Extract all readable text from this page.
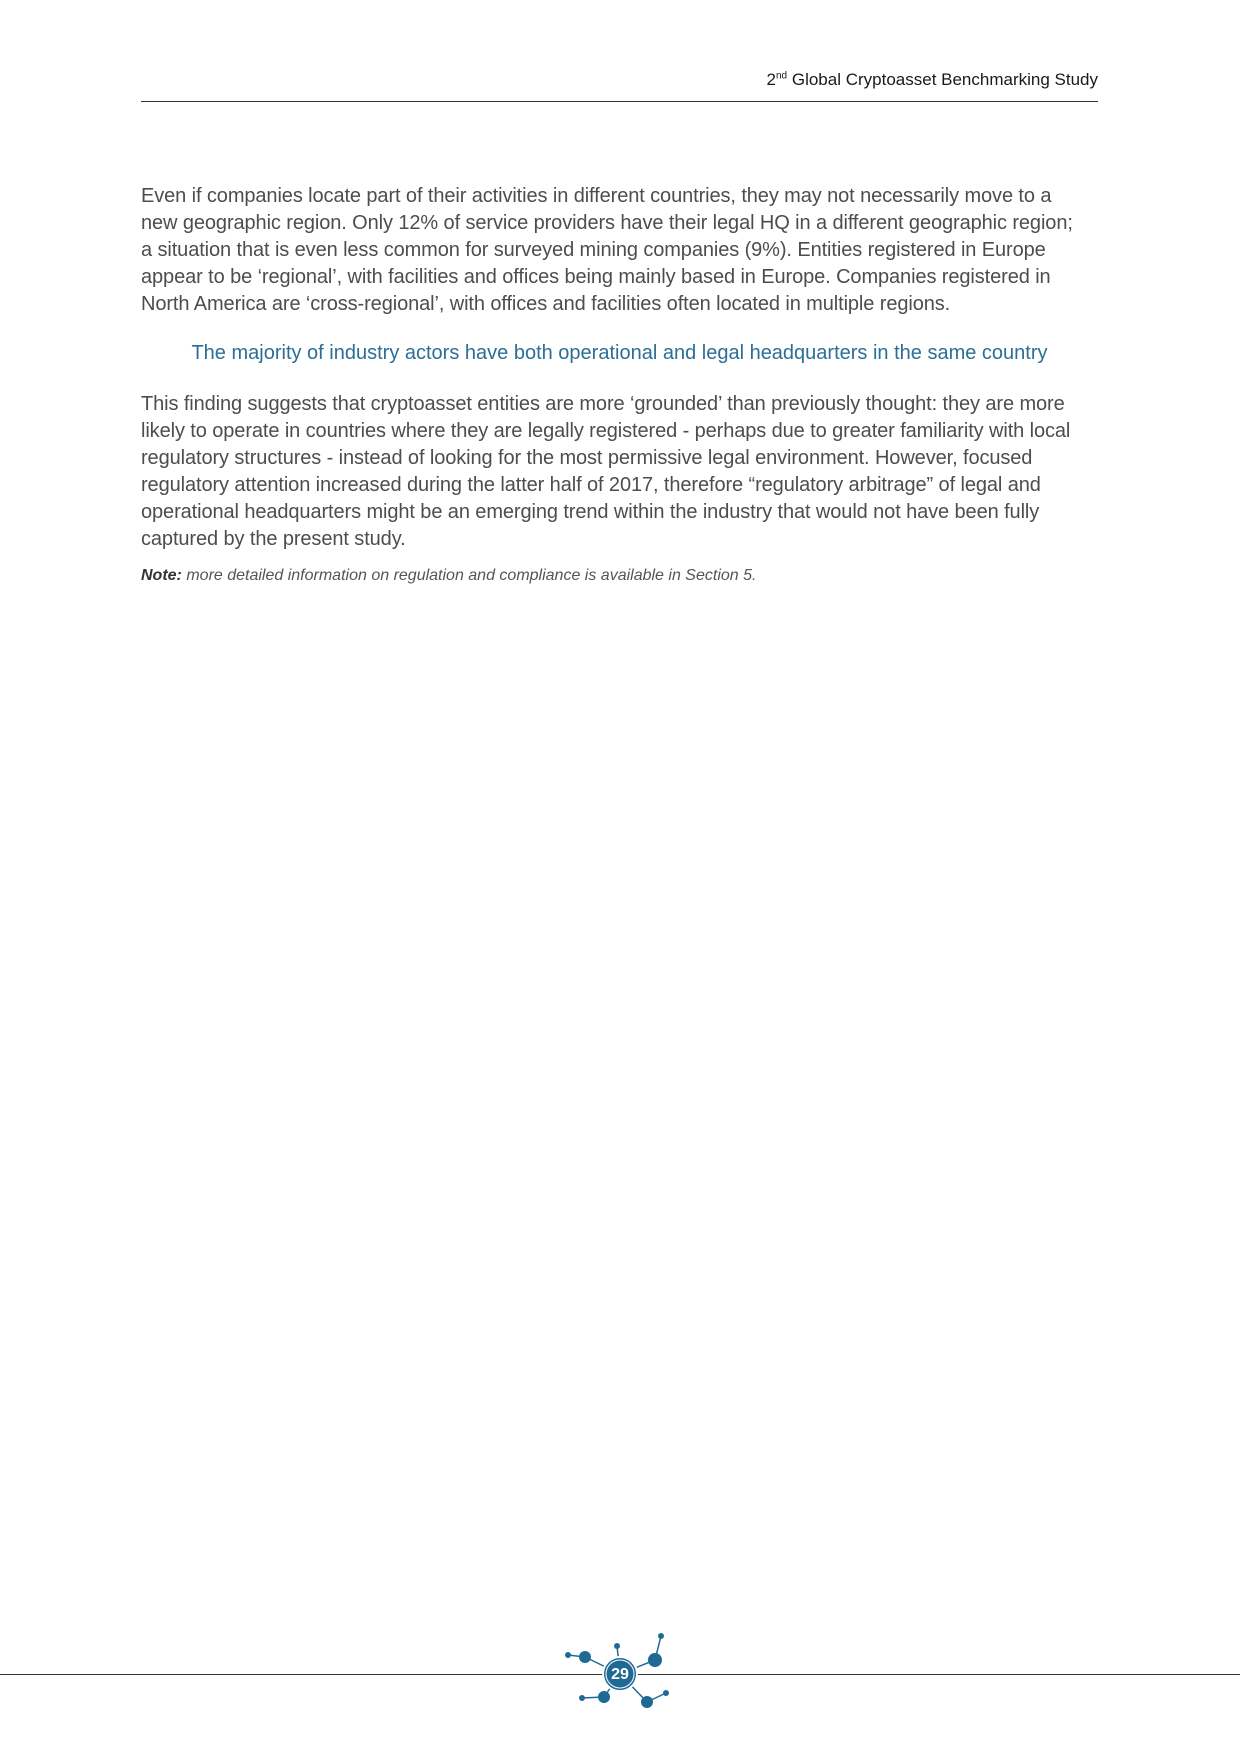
2nd Global Cryptoasset Benchmarking Study

Even if companies locate part of their activities in different countries, they may not necessarily move to a new geographic region. Only 12% of service providers have their legal HQ in a different geographic region; a situation that is even less common for surveyed mining companies (9%). Entities registered in Europe appear to be ‘regional’, with facilities and offices being mainly based in Europe. Companies registered in North America are ‘cross-regional’, with offices and facilities often located in multiple regions.

The majority of industry actors have both operational and legal headquarters in the same country

This finding suggests that cryptoasset entities are more ‘grounded’ than previously thought: they are more likely to operate in countries where they are legally registered - perhaps due to greater familiarity with local regulatory structures - instead of looking for the most permissive legal environment. However, focused regulatory attention increased during the latter half of 2017, therefore “regulatory arbitrage” of legal and operational headquarters might be an emerging trend within the industry that would not have been fully captured by the present study.

Note: more detailed information on regulation and compliance is available in Section 5.

29
